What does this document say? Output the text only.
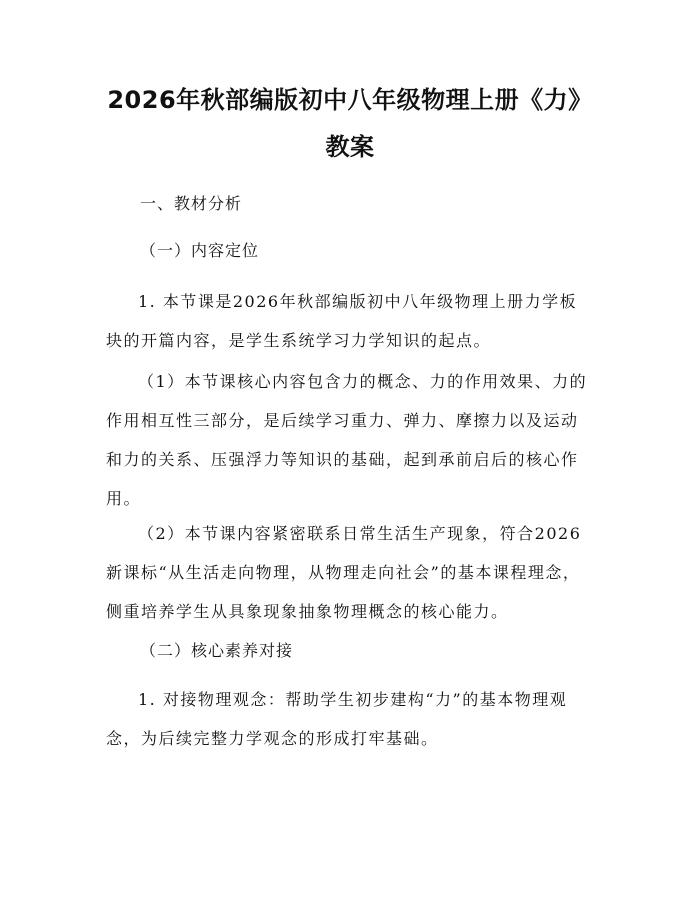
2026年秋部编版初中八年级物理上册《力》
教案
一、教材分析
（一）内容定位
1. 本节课是2026年秋部编版初中八年级物理上册力学板块的开篇内容，是学生系统学习力学知识的起点。
（1）本节课核心内容包含力的概念、力的作用效果、力的作用相互性三部分，是后续学习重力、弹力、摩擦力以及运动和力的关系、压强浮力等知识的基础，起到承前启后的核心作用。
（2）本节课内容紧密联系日常生活生产现象，符合2026新课标“从生活走向物理，从物理走向社会”的基本课程理念，侧重培养学生从具象现象抽象物理概念的核心能力。
（二）核心素养对接
1. 对接物理观念：帮助学生初步建构“力”的基本物理观念，为后续完整力学观念的形成打牢基础。
